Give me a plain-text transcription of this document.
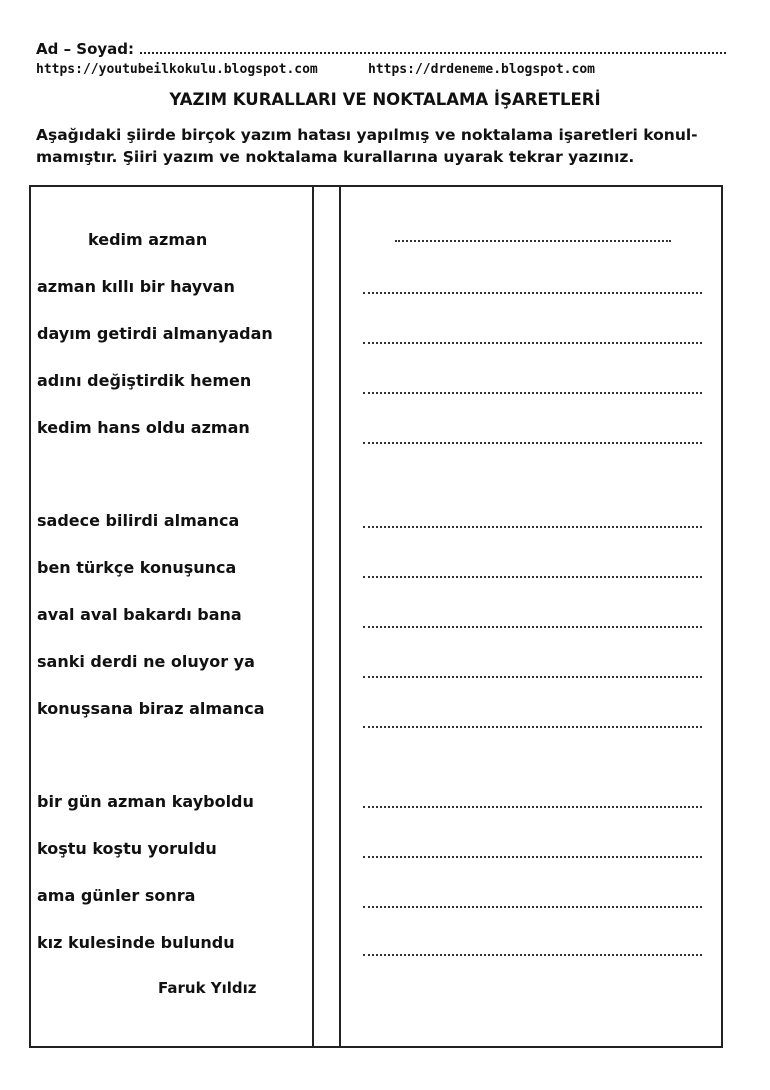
Ad – Soyad:
https://youtubeilkokulu.blogspot.com	https://drdeneme.blogspot.com
YAZIM KURALLARI VE NOKTALAMA İŞARETLERİ

Aşağıdaki şiirde birçok yazım hatası yapılmış ve noktalama işaretleri konul-

mamıştır. Şiiri yazım ve noktalama kurallarına uyarak tekrar yazınız.

kedim azman
azman kıllı bir hayvan
dayım getirdi almanyadan
adını değiştirdik hemen
kedim hans oldu azman
sadece bilirdi almanca
ben türkçe konuşunca
aval aval bakardı bana
sanki derdi ne oluyor ya
konuşsana biraz almanca
bir gün azman kayboldu
koştu koştu yoruldu
ama günler sonra
kız kulesinde bulundu
Faruk Yıldız
